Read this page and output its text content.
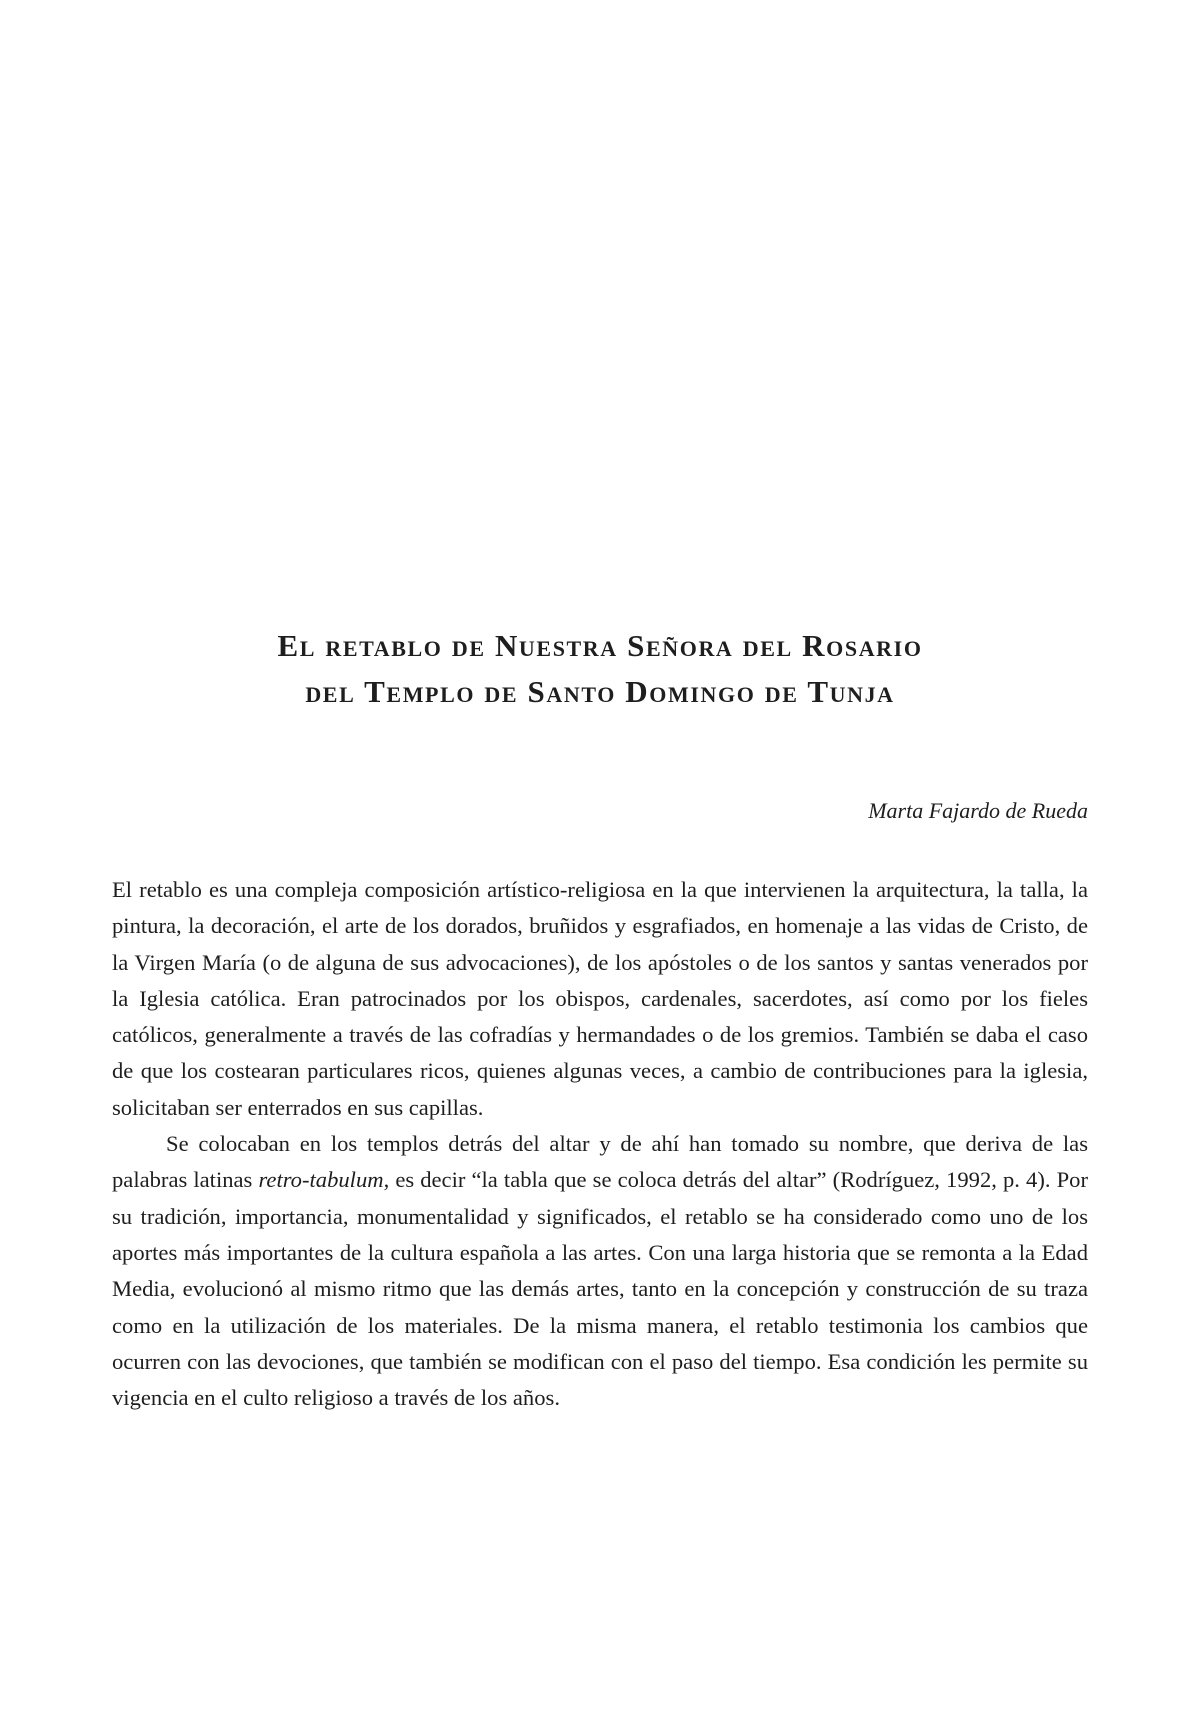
El retablo de Nuestra Señora del Rosario
del Templo de Santo Domingo de Tunja
Marta Fajardo de Rueda

El retablo es una compleja composición artístico-religiosa en la que intervienen la arquitectura, la talla, la pintura, la decoración, el arte de los dorados, bruñidos y esgrafiados, en homenaje a las vidas de Cristo, de la Virgen María (o de alguna de sus advocaciones), de los apóstoles o de los santos y santas venerados por la Iglesia católica. Eran patrocinados por los obispos, cardenales, sacerdotes, así como por los fieles católicos, generalmente a través de las cofradías y hermandades o de los gremios. También se daba el caso de que los costearan particulares ricos, quienes algunas veces, a cambio de contribuciones para la iglesia, solicitaban ser enterrados en sus capillas.

Se colocaban en los templos detrás del altar y de ahí han tomado su nombre, que deriva de las palabras latinas retro-tabulum, es decir “la tabla que se coloca detrás del altar” (Rodríguez, 1992, p. 4). Por su tradición, importancia, monumentalidad y significados, el retablo se ha considerado como uno de los aportes más importantes de la cultura española a las artes. Con una larga historia que se remonta a la Edad Media, evolucionó al mismo ritmo que las demás artes, tanto en la concepción y construcción de su traza como en la utilización de los materiales. De la misma manera, el retablo testimonia los cambios que ocurren con las devociones, que también se modifican con el paso del tiempo. Esa condición les permite su vigencia en el culto religioso a través de los años.
